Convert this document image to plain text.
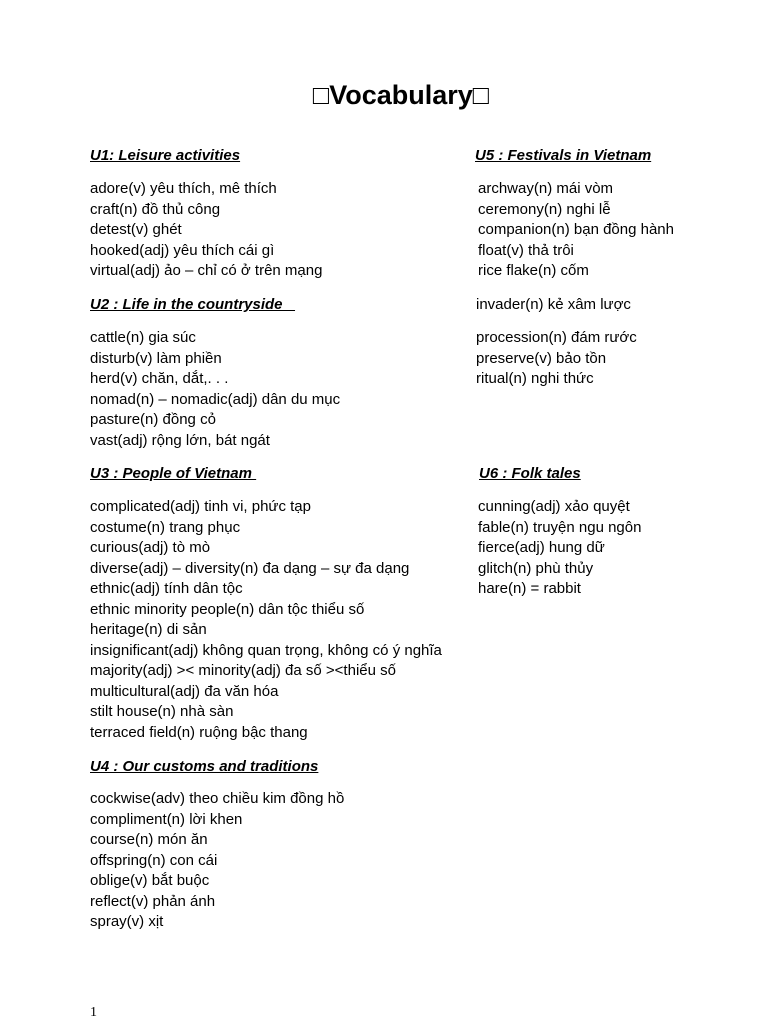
□Vocabulary□
U1: Leisure activities
adore(v) yêu thích, mê thích
craft(n) đồ thủ công
detest(v) ghét
hooked(adj) yêu thích cái gì
virtual(adj) ảo – chỉ có ở trên mạng
U2 : Life in the countryside
cattle(n) gia súc
disturb(v) làm phiền
herd(v) chăn, dắt,. . .
nomad(n) – nomadic(adj) dân du mục
pasture(n) đồng cỏ
vast(adj) rộng lớn, bát ngát
U3 : People of Vietnam
complicated(adj) tinh vi, phức tạp
costume(n) trang phục
curious(adj) tò mò
diverse(adj) – diversity(n) đa dạng – sự đa dạng
ethnic(adj) tính dân tộc
ethnic minority people(n) dân tộc thiểu số
heritage(n) di sản
insignificant(adj) không quan trọng, không có ý nghĩa
majority(adj) >< minority(adj) đa số ><thiểu số
multicultural(adj) đa văn hóa
stilt house(n) nhà sàn
terraced field(n) ruộng bậc thang
U4 : Our customs and traditions
cockwise(adv) theo chiều kim đồng hồ
compliment(n) lời khen
course(n) món ăn
offspring(n) con cái
oblige(v) bắt buộc
reflect(v) phản ánh
spray(v) xịt
U5 : Festivals in Vietnam
archway(n) mái vòm
ceremony(n) nghi lễ
companion(n) bạn đồng hành
float(v) thả trôi
rice flake(n) cốm
invader(n) kẻ xâm lược
procession(n) đám rước
preserve(v) bảo tồn
ritual(n) nghi thức
U6 : Folk tales
cunning(adj) xảo quyệt
fable(n) truyện ngu ngôn
fierce(adj) hung dữ
glitch(n) phù thủy
hare(n) = rabbit
1
